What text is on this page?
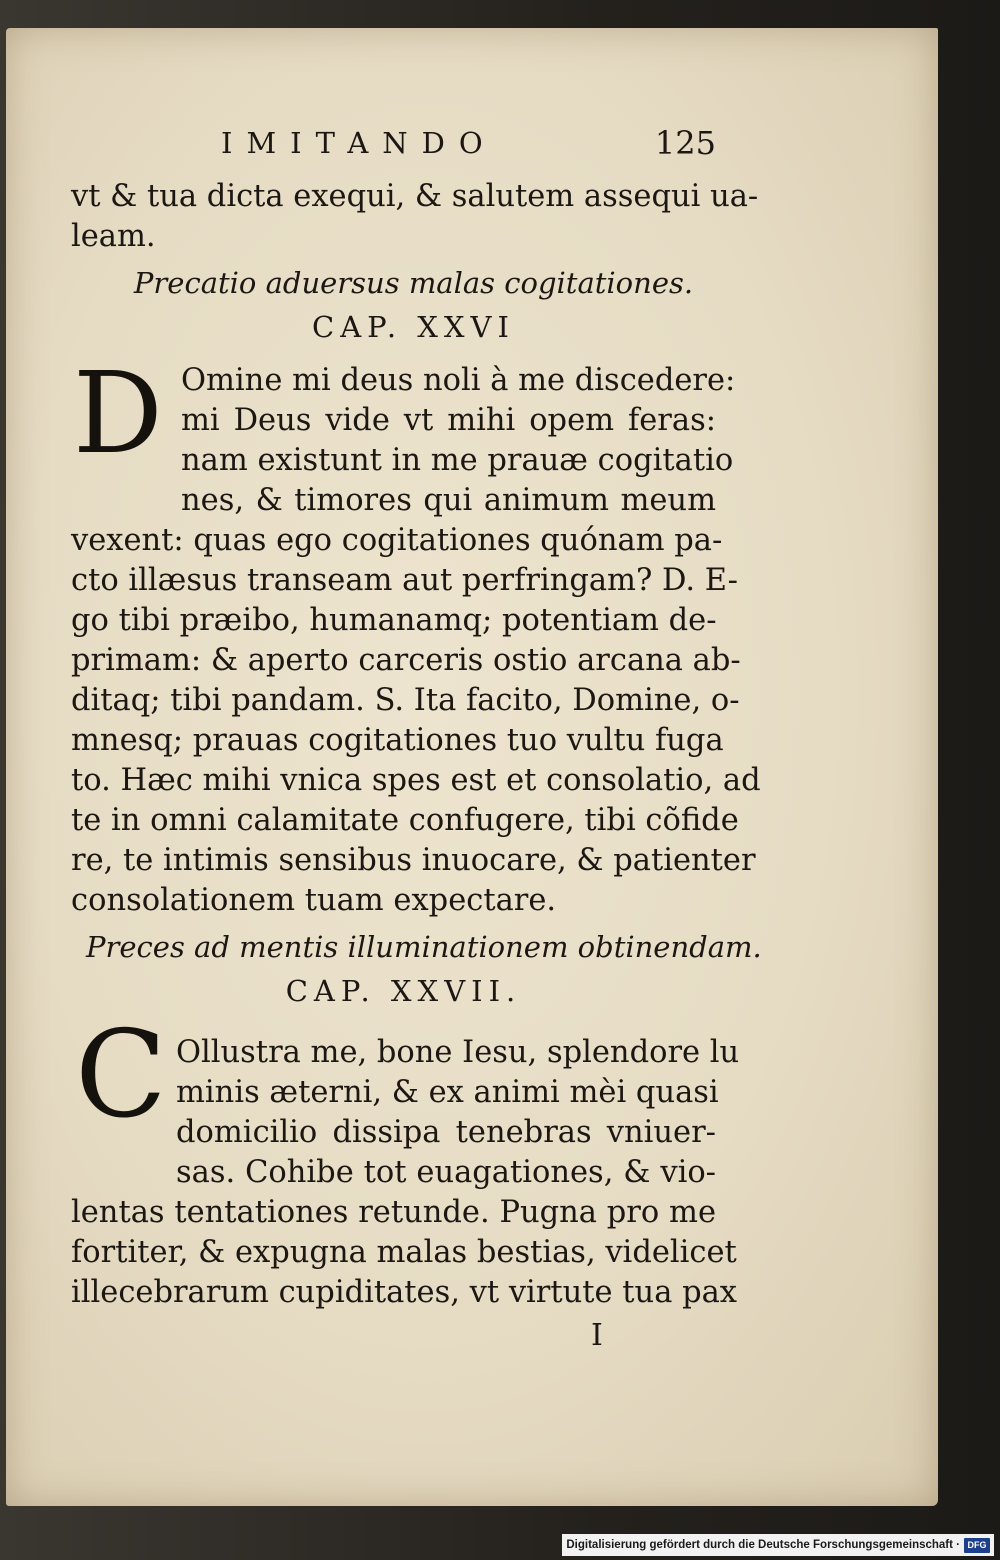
IMITANDO	125
vt & tua dicta exequi, & salutem assequi ua-
leam.
Precatio aduersus malas cogitationes.
CAP. XXVI
D Omine mi deus noli à me discedere:
mi Deus vide vt mihi opem feras:
nam existunt in me prauæ cogitatio
nes, & timores qui animum meum
vexent: quas ego cogitationes quónam pa-
cto illæsus transeam aut perfringam? D. E-
go tibi præibo, humanamq; potentiam de-
primam: & aperto carceris ostio arcana ab-
ditaq; tibi pandam. S. Ita facito, Domine, o-
mnesq; prauas cogitationes tuo vultu fuga
to. Hæc mihi vnica spes est et consolatio, ad
te in omni calamitate confugere, tibi cõfide
re, te intimis sensibus inuocare, & patienter
consolationem tuam expectare.
Preces ad mentis illuminationem obtinendam.
CAP. XXVII.
C Ollustra me, bone Iesu, splendore lu
minis æterni, & ex animi mèi quasi
domicilio dissipa tenebras vniuer-
sas. Cohibe tot euagationes, & vio-
lentas tentationes retunde. Pugna pro me
fortiter, & expugna malas bestias, videlicet
illecebrarum cupiditates, vt virtute tua pax
I
Digitalisierung gefördert durch die Deutsche Forschungsgemeinschaft · DFG
